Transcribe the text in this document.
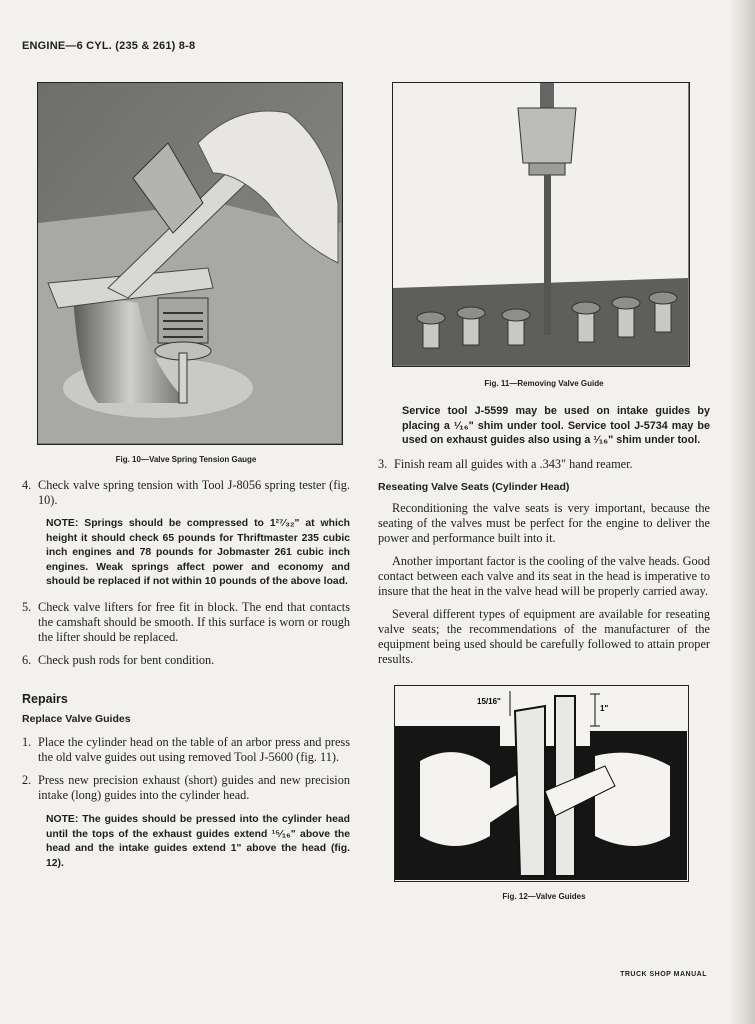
ENGINE—6 CYL. (235 & 261) 8-8
Fig. 10—Valve Spring Tension Gauge
4. Check valve spring tension with Tool J-8056 spring tester (fig. 10).
NOTE: Springs should be compressed to 1²⁷⁄₃₂" at which height it should check 65 pounds for Thriftmaster 235 cubic inch engines and 78 pounds for Jobmaster 261 cubic inch engines. Weak springs affect power and economy and should be replaced if not within 10 pounds of the above load.
5. Check valve lifters for free fit in block. The end that contacts the camshaft should be smooth. If this surface is worn or rough the lifter should be replaced.
6. Check push rods for bent condition.
Repairs
Replace Valve Guides
1. Place the cylinder head on the table of an arbor press and press the old valve guides out using removed Tool J-5600 (fig. 11).
2. Press new precision exhaust (short) guides and new precision intake (long) guides into the cylinder head.
NOTE: The guides should be pressed into the cylinder head until the tops of the exhaust guides extend ¹⁵⁄₁₆" above the head and the intake guides extend 1" above the head (fig. 12).
Fig. 11—Removing Valve Guide
Service tool J-5599 may be used on intake guides by placing a ¹⁄₁₆" shim under tool. Service tool J-5734 may be used on exhaust guides also using a ¹⁄₁₆" shim under tool.
3. Finish ream all guides with a .343" hand reamer.
Reseating Valve Seats (Cylinder Head)
Reconditioning the valve seats is very important, because the seating of the valves must be perfect for the engine to deliver the power and performance built into it.
Another important factor is the cooling of the valve heads. Good contact between each valve and its seat in the head is imperative to insure that the heat in the valve head will be properly carried away.
Several different types of equipment are available for reseating valve seats; the recommendations of the manufacturer of the equipment being used should be carefully followed to attain proper results.
15/16"
1"
Fig. 12—Valve Guides
TRUCK SHOP MANUAL
